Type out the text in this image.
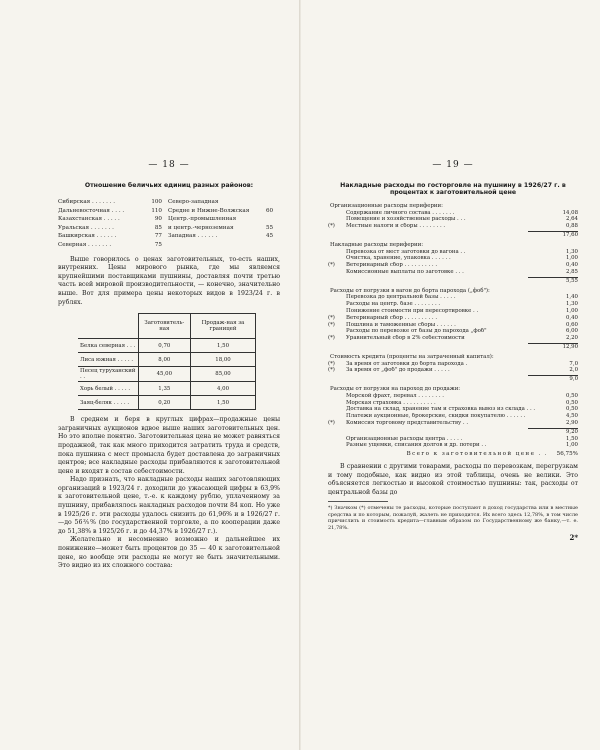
— 18 —
Отношение беличьих единиц разных районов:
Сибирская . . . . . . .	100 Северо-западная
Дальневосточная . . . .	110 Средне и Нижне-Волжская	60
Казахстанская . . . . .	90 Центр.-промышленная
Уральская . . . . . . .	85 и центр.-черноземная	55
Башкирская . . . . . .	77 Западная . . . . . .	45
Северная . . . . . . .	75

Выше говорилось о ценах заготовительных, то-есть наших, внутренних. Цены мирового рынка, где мы являемся крупнейшими поставщиками пушнины, доставляя почти третью часть всей мировой производительности, — конечно, значительно выше. Вот для примера цены некоторых видов в 1923/24 г. в рублях.

	Заготовитель-ная	Продаж-ная за границей
Белка северная . . .	0,70	1,50
Лиса южная . . . . .	8,00	18,00
Песец туруханский . .	45,00	85,00
Хорь белый . . . . .	1,35	4,00
Заяц-беляк . . . . .	0,20	1,50

В среднем и беря в круглых цифрах—продажные цены заграничных аукционов вдвое выше наших заготовительных цен. Но это вполне понятно. Заготовительная цена не может равняться продажной, так как много приходится затратить труда и средств, пока пушнина с мест промысла будет доставлена до заграничных центров; все накладные расходы прибавляются к заготовительной цене и входят в состав себестоимости.

Надо признать, что накладные расходы наших заготовляющих организаций в 1923/24 г. доходили до ужасающей цифры в 63,9% к заготовительной цене, т.-е. к каждому рублю, уплаченному за пушнину, прибавлялось накладных расходов почти 84 коп. Но уже в 1925/26 г. эти расходы удалось снизить до 61,96% и в 1926/27 г.—до 56⅖% (по государственной торговле, а по кооперации даже до 51,38% в 1925/26 г. и до 44,37% в 1926/27 г.).

Желательно и несомненно возможно и дальнейшее их понижение—может быть процентов до 35 — 40 к заготовительной цене, но вообще эти расходы не могут не быть значительными. Это видно из их сложного состава:

— 19 —
Накладные расходы по госторговле на пушнину в 1926/27 г. в процентах к заготовительной цене
Организационные расходы периферии:
Содержание личного состава . . . . . . .	14,08
Помещение и хозяйственные расходы . . .	2,64
(*)	Местные налоги и сборы . . . . . . . .	0,88
17,60
Накладные расходы периферии:
Перевозка от мест заготовки до вагона . .	1,30
Очистка, хранение, упаковка . . . . . .	1,00
(*)	Ветеринарный сбор . . . . . . . . . .	0,40
Комиссионные выплаты по заготовке . . .	2,85
5,55
Расходы от погрузки в вагон до борта парохода („фоб"):
Перевозка до центральной базы . . . . .	1,40
Расходы на центр. базе . . . . . . . .	1,30
Понижение стоимости при пересортировке . .	1,00
(*)	Ветеринарный сбор . . . . . . . . . .	0,40
(*)	Пошлина и таможенные сборы . . . . . .	0,60
Расходы по перевозке от базы до парохода „фоб"	6,00
(*)	Уравнительный сбор в 2% себестоимости	2,20
12,90
Стоимость кредита (проценты на затраченный капитал):
(*)	За время от заготовки до борта парохода .	7,0
(*)	За время от „фоб" до продажи . . . . .	2,0
9,0
Расходы от погрузки на пароход до продажи:
Морской фрахт, перевал . . . . . . . .	0,50
Морская страховка . . . . . . . . . .	0,50
Доставка на склад, хранение там и страховка вывоз из склада . . .	0,50
Платежи аукционные, брокерские, скидки покупателю . . . . . .	4,50
(*)	Комиссия торговому представительству . .	2,90
9,20
Организационные расходы центра . . . . .	1,50
Разные ущемки, списания долгов и др. потери . .	1,00
Всего к заготовительной цене . .	56,75%

В сравнении с другими товарами, расходы по перевозкам, перегрузкам и тому подобные, как видно из этой таблицы, очень не велики. Это объясняется легкостью и высокой стоимостью пушнины: так, расходы от центральной базы до

*) Значком (*) отмечены те расходы, которые поступают в доход государства или в местные средства и по которым, пожалуй, жалеть не приходится. Их всего здесь 12,78%, в том числе причислить и стоимость кредита—главным образом по Государственному же банку,—т. е. 21,78%.

2*
